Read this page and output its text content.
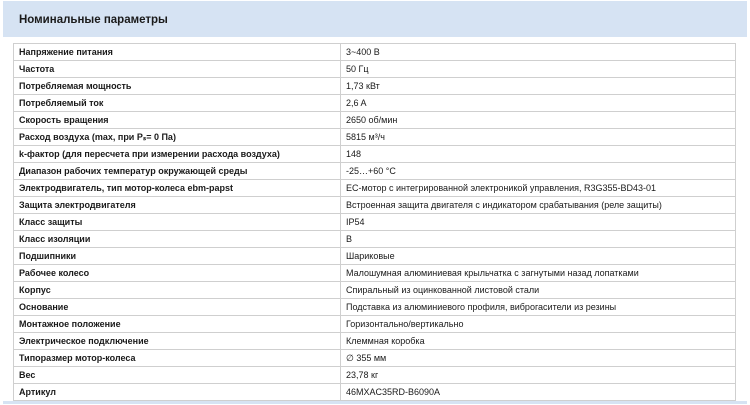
Номинальные параметры
Напряжение питания	3~400 В
Частота	50 Гц
Потребляемая мощность	1,73 кВт
Потребляемый ток	2,6 A
Скорость вращения	2650 об/мин
Расход воздуха (max, при Pₛ= 0 Па)	5815 м³/ч
k-фактор (для пересчета при измерении расхода воздуха)	148
Диапазон рабочих температур окружающей среды	-25…+60 °C
Электродвигатель, тип мотор-колеса ebm-papst	EC-мотор с интегрированной электроникой управления, R3G355-BD43-01
Защита электродвигателя	Встроенная защита двигателя с индикатором срабатывания (реле защиты)
Класс защиты	IP54
Класс изоляции	B
Подшипники	Шариковые
Рабочее колесо	Малошумная алюминиевая крыльчатка с загнутыми назад лопатками
Корпус	Спиральный из оцинкованной листовой стали
Основание	Подставка из алюминиевого профиля, виброгасители из резины
Монтажное положение	Горизонтально/вертикально
Электрическое подключение	Клеммная коробка
Типоразмер мотор-колеса	∅ 355 мм
Вес	23,78 кг
Артикул	46MXAC35RD-B6090A
